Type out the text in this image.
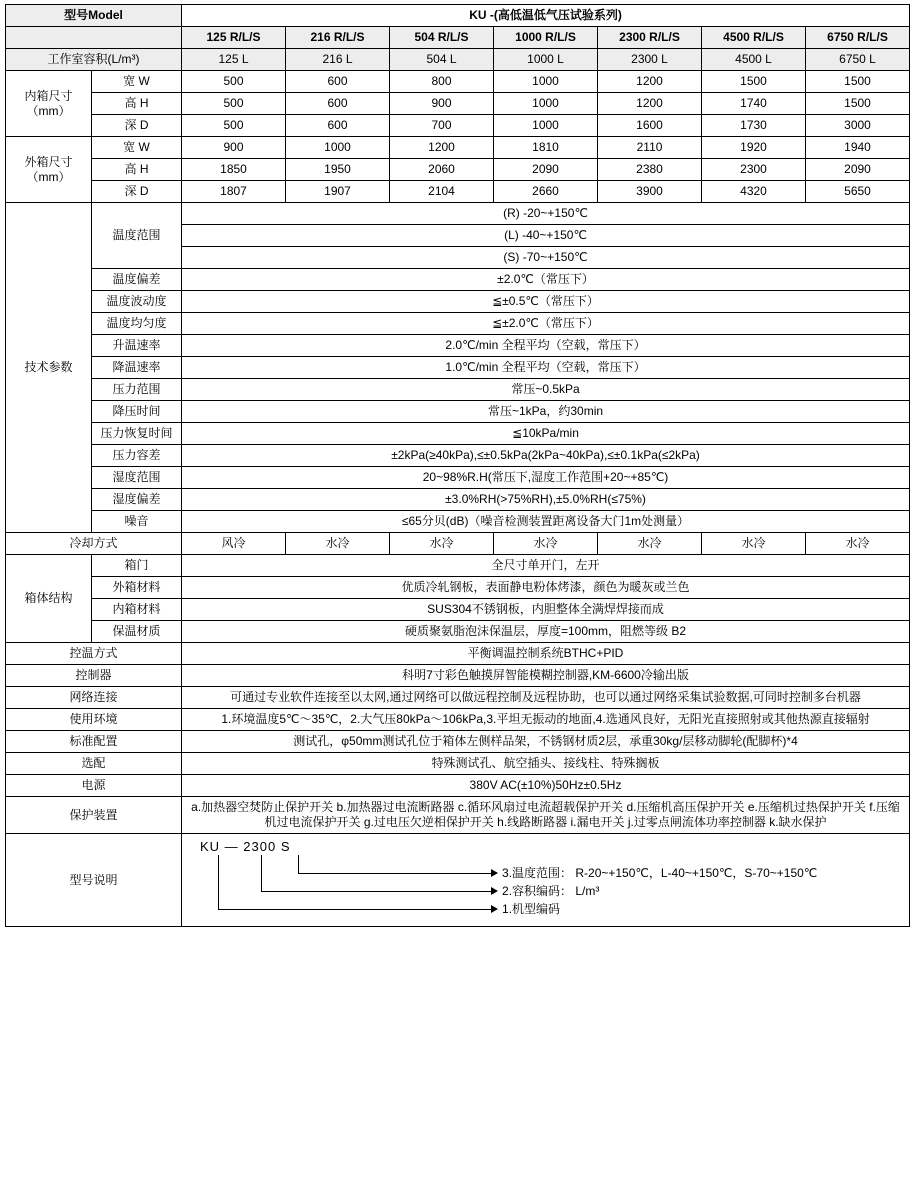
型号Model		KU -(高低温低气压试验系列)						
		125 R/L/S	216 R/L/S	504 R/L/S	1000 R/L/S	2300 R/L/S	4500 R/L/S	6750 R/L/S
工作室容积(L/m³)		125 L	216 L	504 L	1000 L	2300 L	4500 L	6750 L

内箱尺寸
（mm）	宽 W	500	600	800	1000	1200	1500	1500
	高 H	500	600	900	1000	1200	1740	1500
	深 D	500	600	700	1000	1600	1730	3000

外箱尺寸
（mm）	宽 W	900	1000	1200	1810	2110	1920	1940
	高 H	1850	1950	2060	2090	2380	2300	2090
	深 D	1807	1907	2104	2660	3900	4320	5650
技术参数	温度范围	(R) -20~+150℃						
		(L) -40~+150℃						
		(S) -70~+150℃						
	温度偏差	±2.0℃（常压下）						
	温度波动度	≦±0.5℃（常压下）						
	温度均匀度	≦±2.0℃（常压下）						
	升温速率	2.0℃/min 全程平均（空载，常压下）						
	降温速率	1.0℃/min 全程平均（空载，常压下）						
	压力范围	常压~0.5kPa						
	降压时间	常压~1kPa，约30min						
	压力恢复时间	≦10kPa/min						
	压力容差	±2kPa(≥40kPa),≤±0.5kPa(2kPa~40kPa),≤±0.1kPa(≤2kPa)						
	湿度范围	20~98%R.H(常压下,湿度工作范围+20~+85℃)						
	湿度偏差	±3.0%RH(>75%RH),±5.0%RH(≤75%)						
	噪音	≤65分贝(dB)（噪音检测装置距离设备大门1m处测量）						
冷却方式		风冷	水冷	水冷	水冷	水冷	水冷	水冷
箱体结构	箱门	全尺寸单开门，左开						
	外箱材料	优质冷轧钢板，表面静电粉体烤漆，颜色为暖灰或兰色						
	内箱材料	SUS304不锈钢板，内胆整体全满焊焊接而成						
	保温材质	硬质聚氨脂泡沫保温层，厚度=100mm，阻燃等级 B2						
控温方式		平衡调温控制系统BTHC+PID						
控制器		科明7寸彩色触摸屏智能模糊控制器,KM-6600冷输出版						
网络连接		可通过专业软件连接至以太网,通过网络可以做远程控制及远程协助，也可以通过网络采集试验数据,可同时控制多台机器						
使用环境		1.环境温度5℃～35℃，2.大气压80kPa～106kPa,3.平坦无振动的地面,4.选通风良好，无阳光直接照射或其他热源直接辐射						
标准配置		测试孔，φ50mm测试孔位于箱体左侧样品架，不锈钢材质2层，承重30kg/层移动脚轮(配脚杯)*4						
选配		特殊测试孔、航空插头、接线柱、特殊搁板						
电源		380V AC(±10%)50Hz±0.5Hz						
保护装置		a.加热器空焚防止保护开关 b.加热器过电流断路器 c.循环风扇过电流超载保护开关 d.压缩机高压保护开关 e.压缩机过热保护开关 f.压缩机过电流保护开关 g.过电压欠逆相保护开关 h.线路断路器 i.漏电开关 j.过零点闸流体功率控制器 k.缺水保护						
型号说明		KU — 2300 S
3.温度范围： R-20~+150℃，L-40~+150℃，S-70~+150℃
2.容积编码： L/m³
1.机型编码						
